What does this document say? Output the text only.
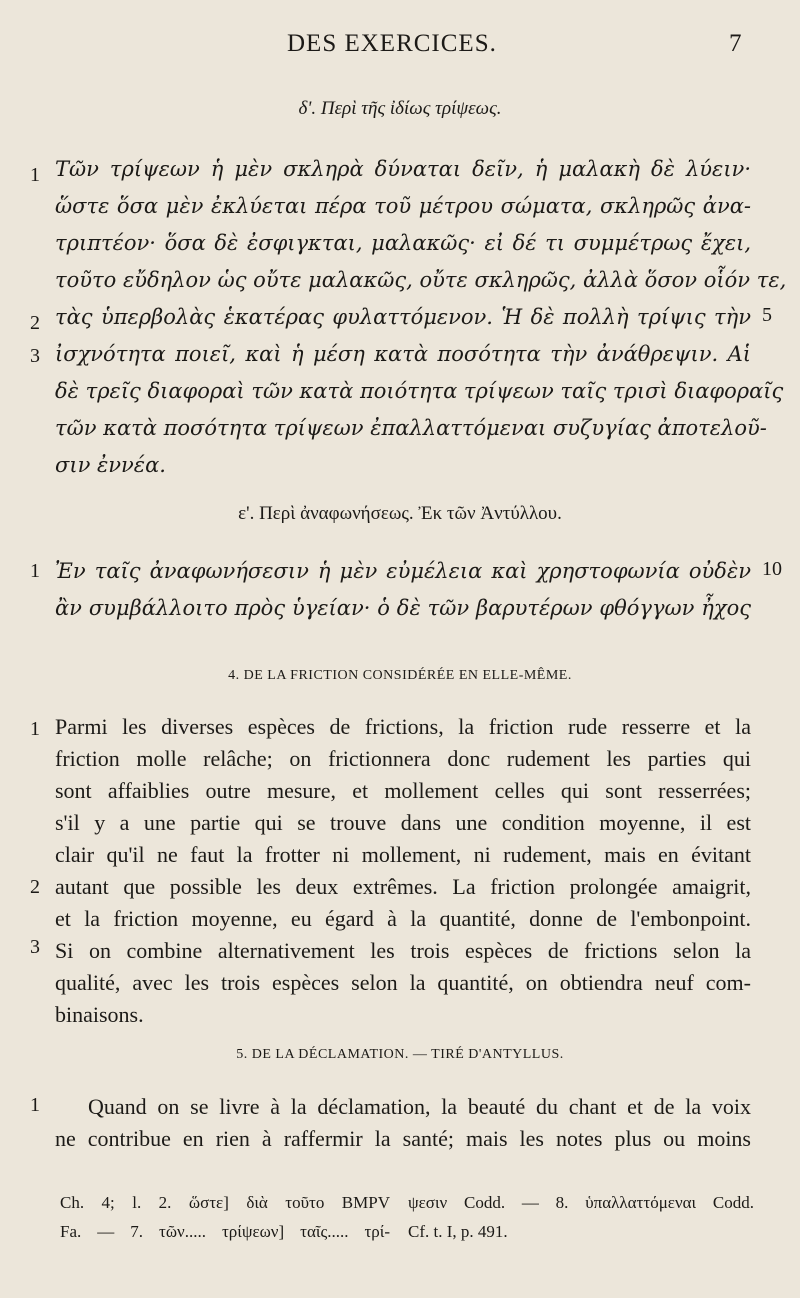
DES EXERCICES.	7
δ'. Περὶ τῆς ἰδίως τρίψεως.
Τῶν τρίψεων ἡ μὲν σκληρὰ δύναται δεῖν, ἡ μαλακὴ δὲ λύειν·
ὥστε ὅσα μὲν ἐκλύεται πέρα τοῦ μέτρου σώματα, σκληρῶς ἀνα-
τριπτέον· ὅσα δὲ ἐσφιγκται, μαλακῶς· εἰ δέ τι συμμέτρως ἔχει,
τοῦτο εὔδηλον ὡς οὔτε μαλακῶς, οὔτε σκληρῶς, ἀλλὰ ὅσον οἷόν τε,
τὰς ὑπερβολὰς ἑκατέρας φυλαττόμενον. Ἡ δὲ πολλὴ τρίψις τὴν
ἰσχνότητα ποιεῖ, καὶ ἡ μέση κατὰ ποσότητα τὴν ἀνάθρεψιν. Αἱ
δὲ τρεῖς διαφοραὶ τῶν κατὰ ποιότητα τρίψεων ταῖς τρισὶ διαφοραῖς
τῶν κατὰ ποσότητα τρίψεων ἐπαλλαττόμεναι συζυγίας ἀποτελοῦ-
σιν ἐννέα.
1
2
3
5
ε'. Περὶ ἀναφωνήσεως. Ἐκ τῶν Ἀντύλλου.
Ἐν ταῖς ἀναφωνήσεσιν ἡ μὲν εὐμέλεια καὶ χρηστοφωνία οὐδὲν
ἂν συμβάλλοιτο πρὸς ὑγείαν· ὁ δὲ τῶν βαρυτέρων φθόγγων ἦχος
1	10
4. DE LA FRICTION CONSIDÉRÉE EN ELLE-MÊME.
Parmi les diverses espèces de frictions, la friction rude resserre et la
friction molle relâche; on frictionnera donc rudement les parties qui
sont affaiblies outre mesure, et mollement celles qui sont resserrées;
s'il y a une partie qui se trouve dans une condition moyenne, il est
clair qu'il ne faut la frotter ni mollement, ni rudement, mais en évitant
autant que possible les deux extrêmes. La friction prolongée amaigrit,
et la friction moyenne, eu égard à la quantité, donne de l'embonpoint.
Si on combine alternativement les trois espèces de frictions selon la
qualité, avec les trois espèces selon la quantité, on obtiendra neuf com-
binaisons.
1
2
3
5. DE LA DÉCLAMATION. — TIRÉ D'ANTYLLUS.
Quand on se livre à la déclamation, la beauté du chant et de la voix
ne contribue en rien à raffermir la santé; mais les notes plus ou moins
1
Ch. 4; l. 2. ὥστε] διὰ τοῦτο BMPV
Fa. — 7. τῶν..... τρίψεων] ταῖς..... τρί-
ψεσιν Codd. — 8. ὑπαλλαττόμεναι Codd.
Cf. t. I, p. 491.
